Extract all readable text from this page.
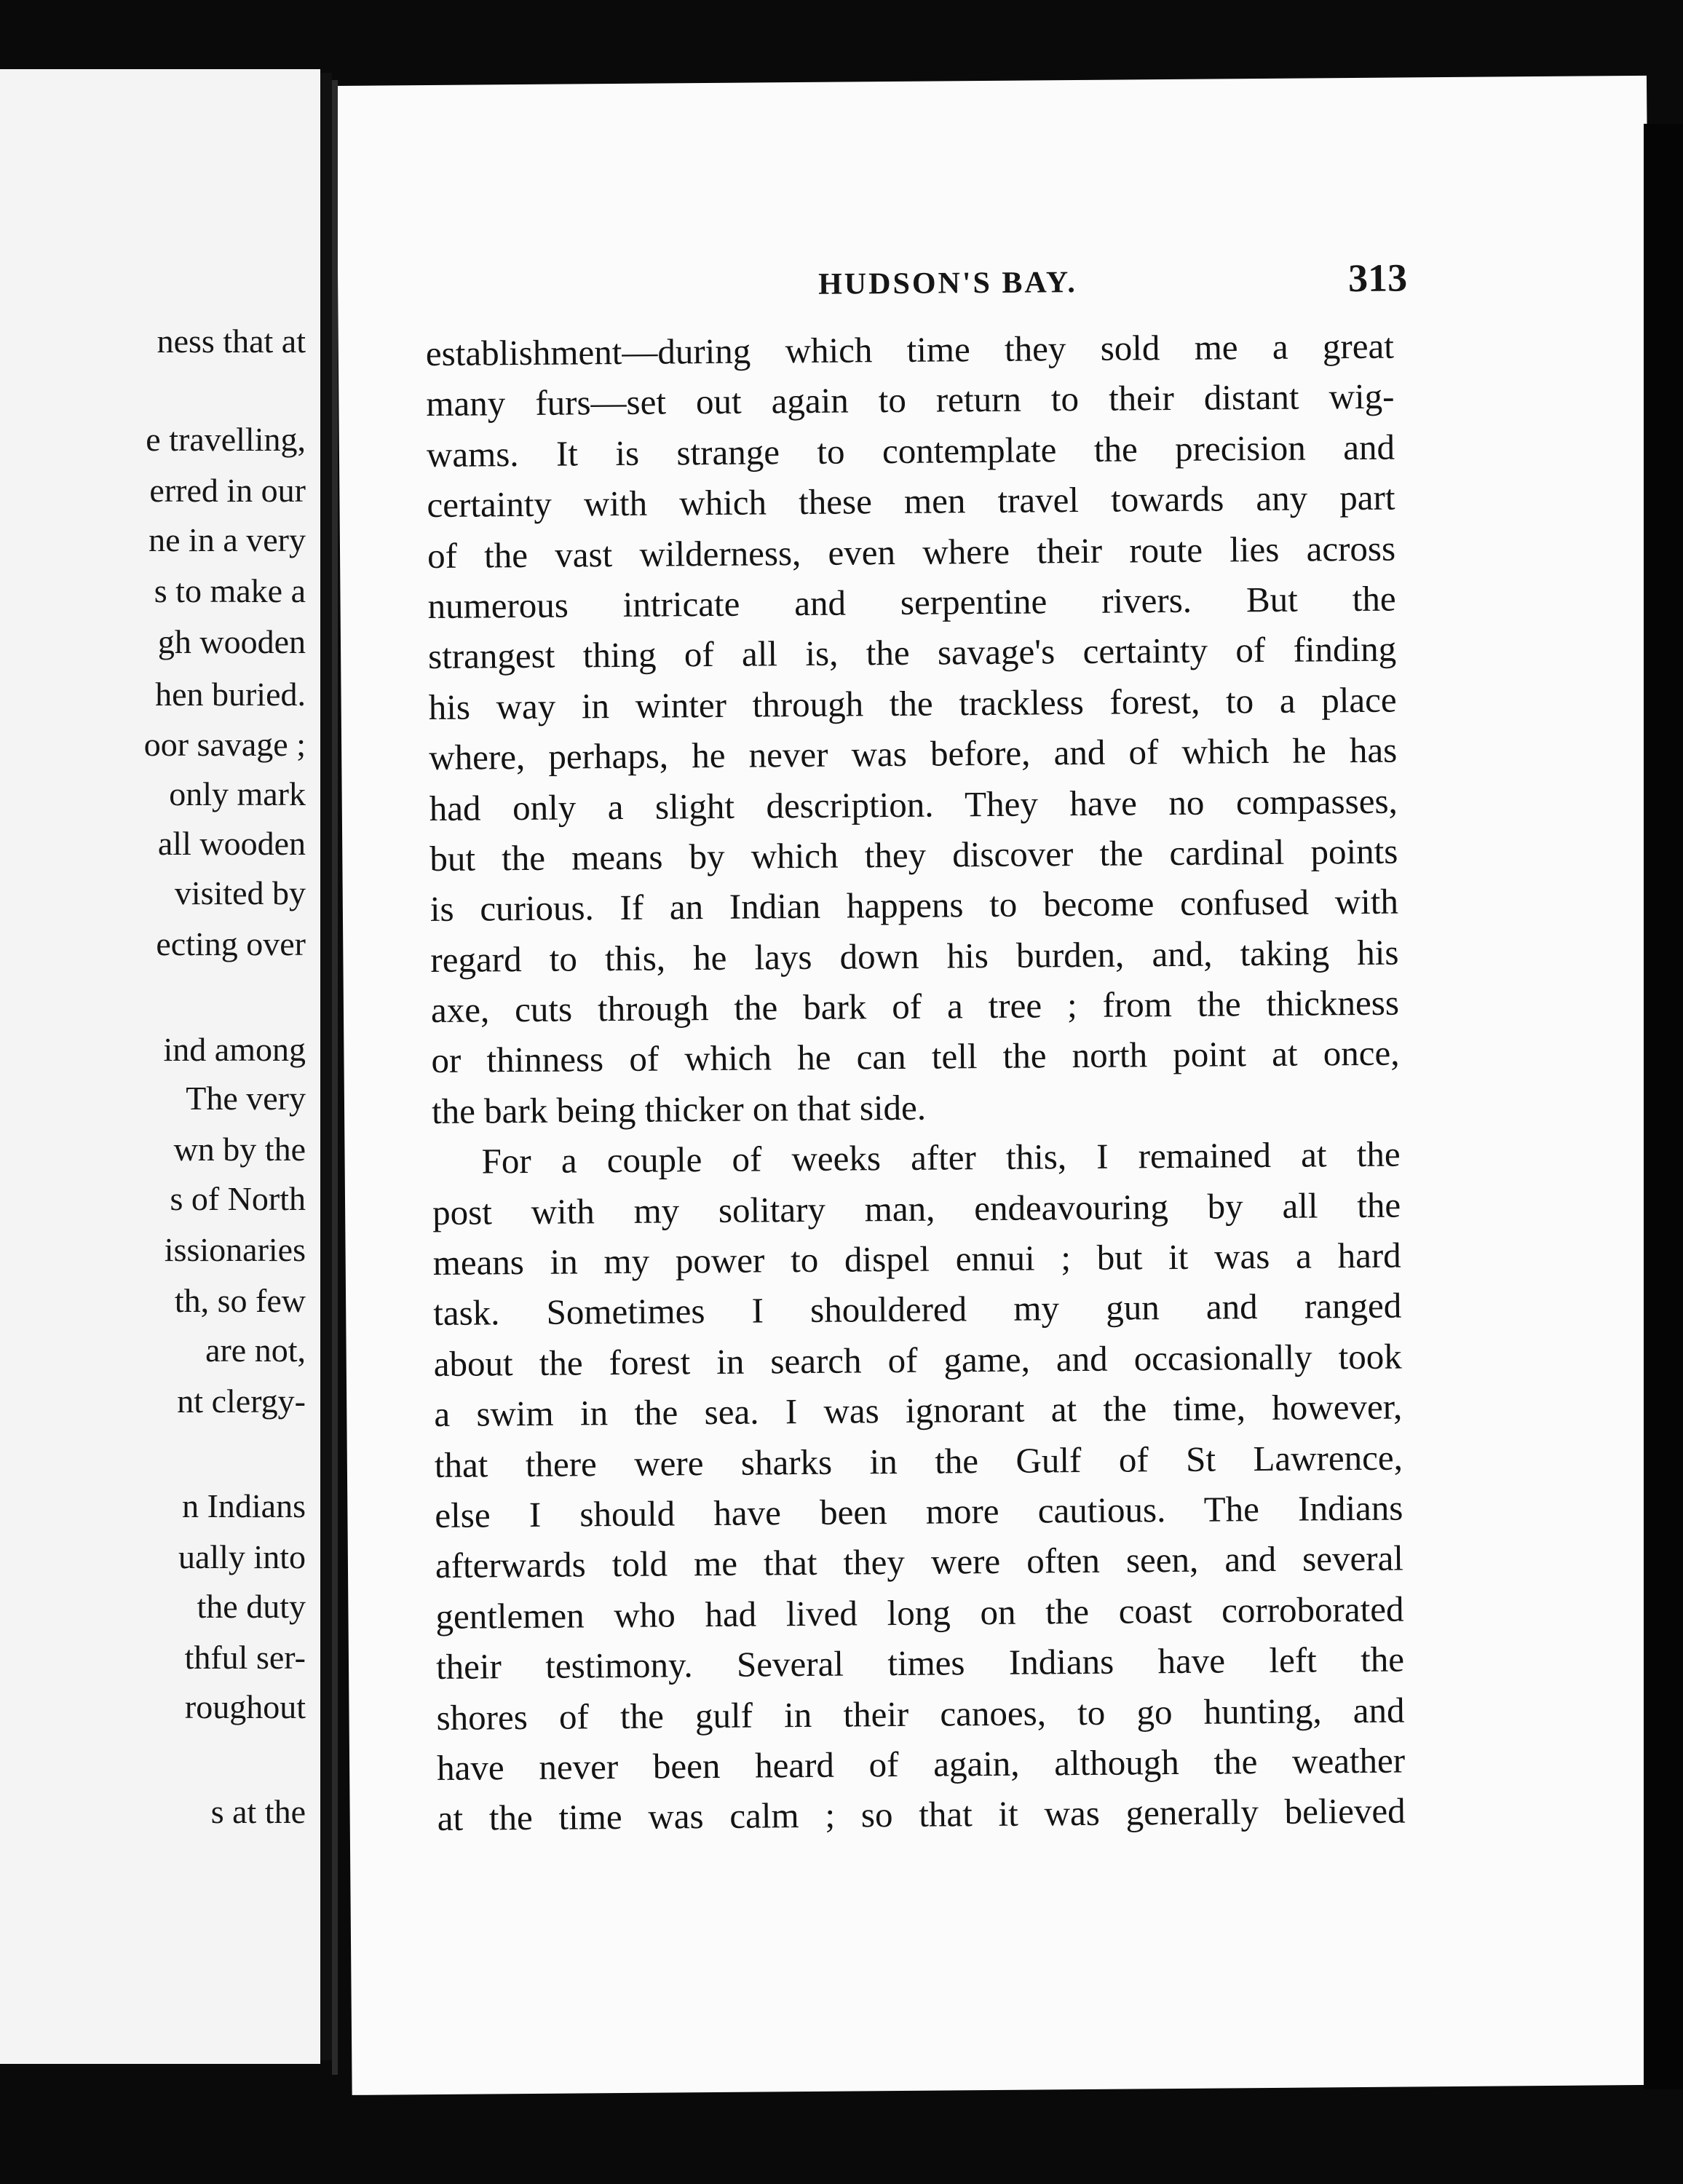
ness that at

e travelling,

erred in our

ne in a very

s to make a

gh wooden

hen buried.

oor savage ;

only mark

all wooden

visited by

ecting over

ind among

The very

wn by the

s of North

issionaries

th, so few

are not,

nt clergy-

n Indians

ually into

the duty

thful ser-

roughout

s at the

HUDSON'S BAY.	313

establishment—during which time they sold me a great

many furs—set out again to return to their distant wig-

wams. It is strange to contemplate the precision and

certainty with which these men travel towards any part

of the vast wilderness, even where their route lies across

numerous intricate and serpentine rivers. But the

strangest thing of all is, the savage's certainty of finding

his way in winter through the trackless forest, to a place

where, perhaps, he never was before, and of which he has

had only a slight description. They have no compasses,

but the means by which they discover the cardinal points

is curious. If an Indian happens to become confused with

regard to this, he lays down his burden, and, taking his

axe, cuts through the bark of a tree ; from the thickness

or thinness of which he can tell the north point at once,

the bark being thicker on that side.

For a couple of weeks after this, I remained at the

post with my solitary man, endeavouring by all the

means in my power to dispel ennui ; but it was a hard

task. Sometimes I shouldered my gun and ranged

about the forest in search of game, and occasionally took

a swim in the sea. I was ignorant at the time, however,

that there were sharks in the Gulf of St Lawrence,

else I should have been more cautious. The Indians

afterwards told me that they were often seen, and several

gentlemen who had lived long on the coast corroborated

their testimony. Several times Indians have left the

shores of the gulf in their canoes, to go hunting, and

have never been heard of again, although the weather

at the time was calm ; so that it was generally believed
